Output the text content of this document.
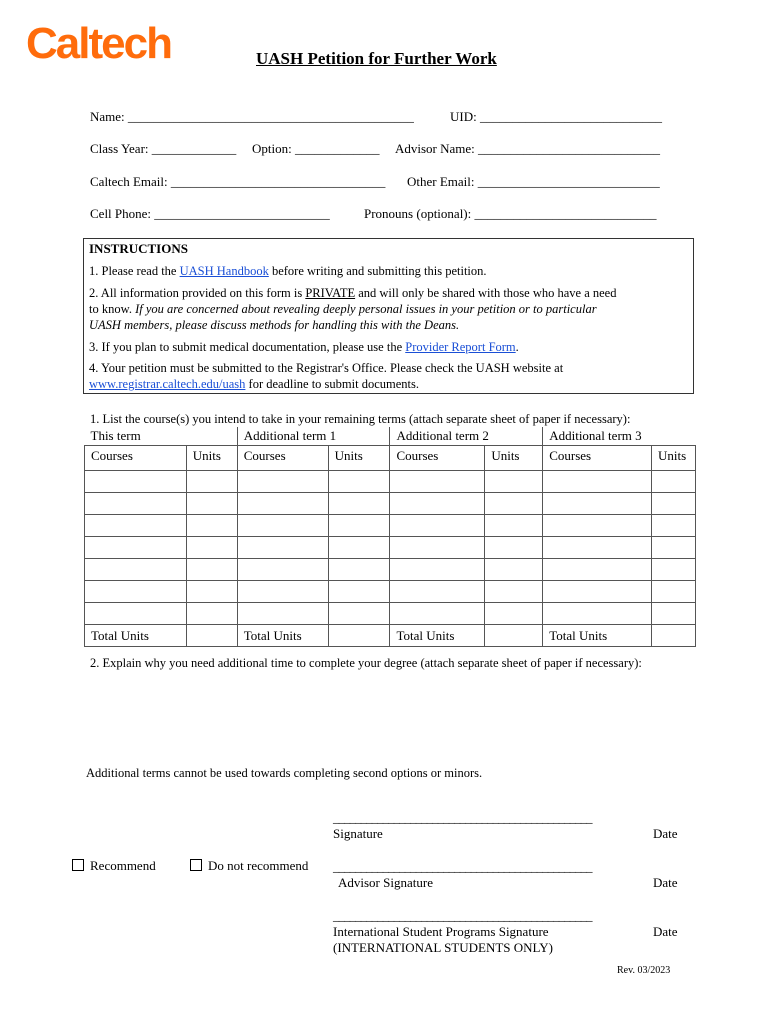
Caltech	UASH Petition for Further Work
Name: ____________________________________________	UID: ____________________________
Class Year: _____________ Option: _____________ Advisor Name: ____________________________
Caltech Email: _________________________________ Other Email: ____________________________
Cell Phone: ___________________________	Pronouns (optional): ____________________________
INSTRUCTIONS
1. Please read the UASH Handbook before writing and submitting this petition.
2. All information provided on this form is PRIVATE and will only be shared with those who have a need
to know. If you are concerned about revealing deeply personal issues in your petition or to particular
UASH members, please discuss methods for handling this with the Deans.
3. If you plan to submit medical documentation, please use the Provider Report Form.
4. Your petition must be submitted to the Registrar's Office. Please check the UASH website at
www.registrar.caltech.edu/uash for deadline to submit documents.
1. List the course(s) you intend to take in your remaining terms (attach separate sheet of paper if necessary):
This term		Additional term 1		Additional term 2		Additional term 3	
Courses	Units	Courses	Units	Courses	Units	Courses	Units

Total Units		Total Units		Total Units		Total Units	
2. Explain why you need additional time to complete your degree (attach separate sheet of paper if necessary):
Additional terms cannot be used towards completing second options or minors.
_______________________________________________
Signature	Date
Recommend	Do not recommend _______________________________________________
Advisor Signature	Date
_______________________________________________
International Student Programs Signature	Date
(INTERNATIONAL STUDENTS ONLY)
Rev. 03/2023
